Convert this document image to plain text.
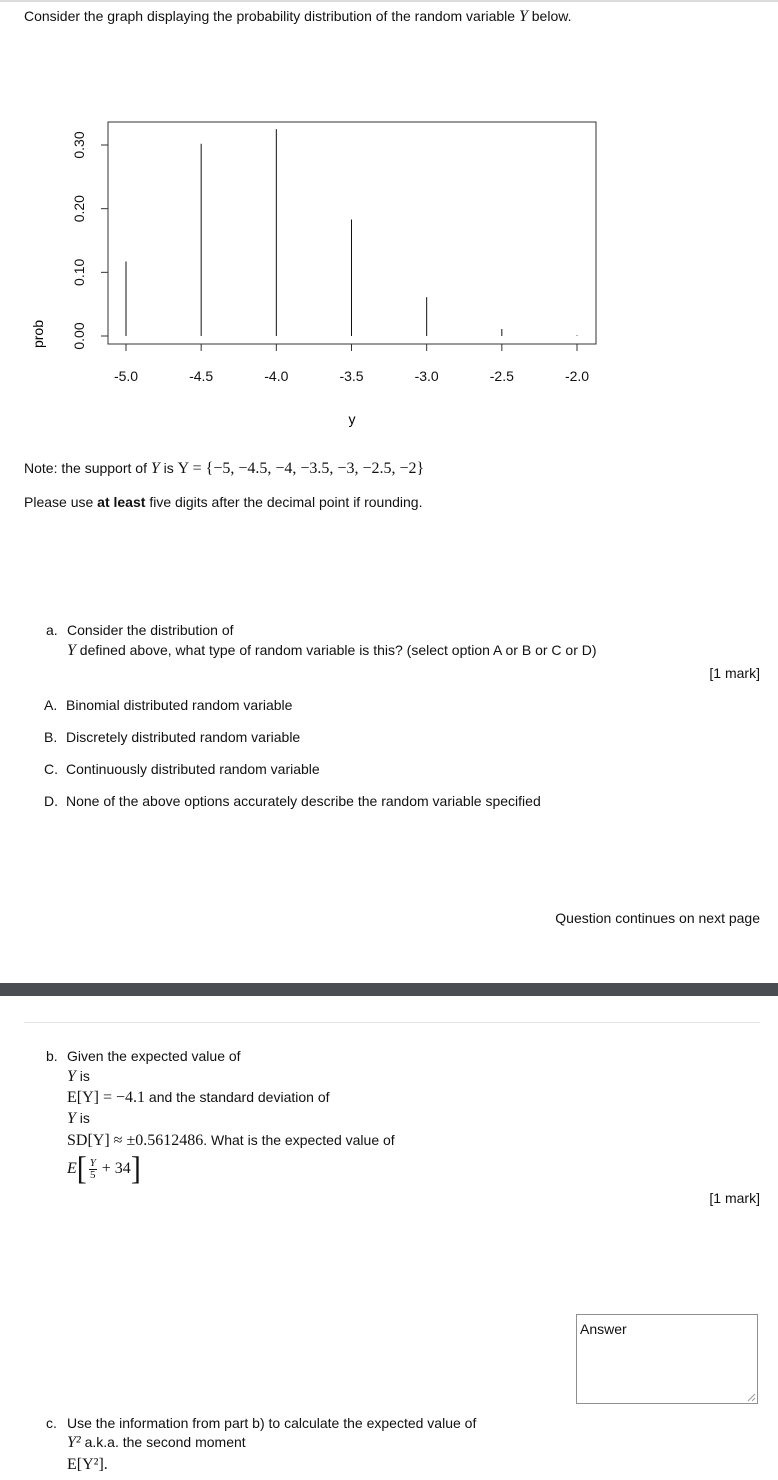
Consider the graph displaying the probability distribution of the random variable Y below.
-5.0	-4.5	-4.0	-3.5	-3.0	-2.5	-2.0
0.00
0.10
0.20
0.30
y
prob
Note: the support of Y is Y = {−5, −4.5, −4, −3.5, −3, −2.5, −2}
Please use at least five digits after the decimal point if rounding.
a. Consider the distribution of
Y defined above, what type of random variable is this? (select option A or B or C or D)
[1 mark]
A. Binomial distributed random variable
B. Discretely distributed random variable
C. Continuously distributed random variable
D. None of the above options accurately describe the random variable specified
Question continues on next page
b. Given the expected value of
Y is
E[Y] = −4.1 and the standard deviation of
Y is
SD[Y] ≈ ±0.5612486. What is the expected value of
E [ Y
5 + 34 ]
[1 mark]
Answer
c. Use the information from part b) to calculate the expected value of
Y² a.k.a. the second moment
E[Y²].
